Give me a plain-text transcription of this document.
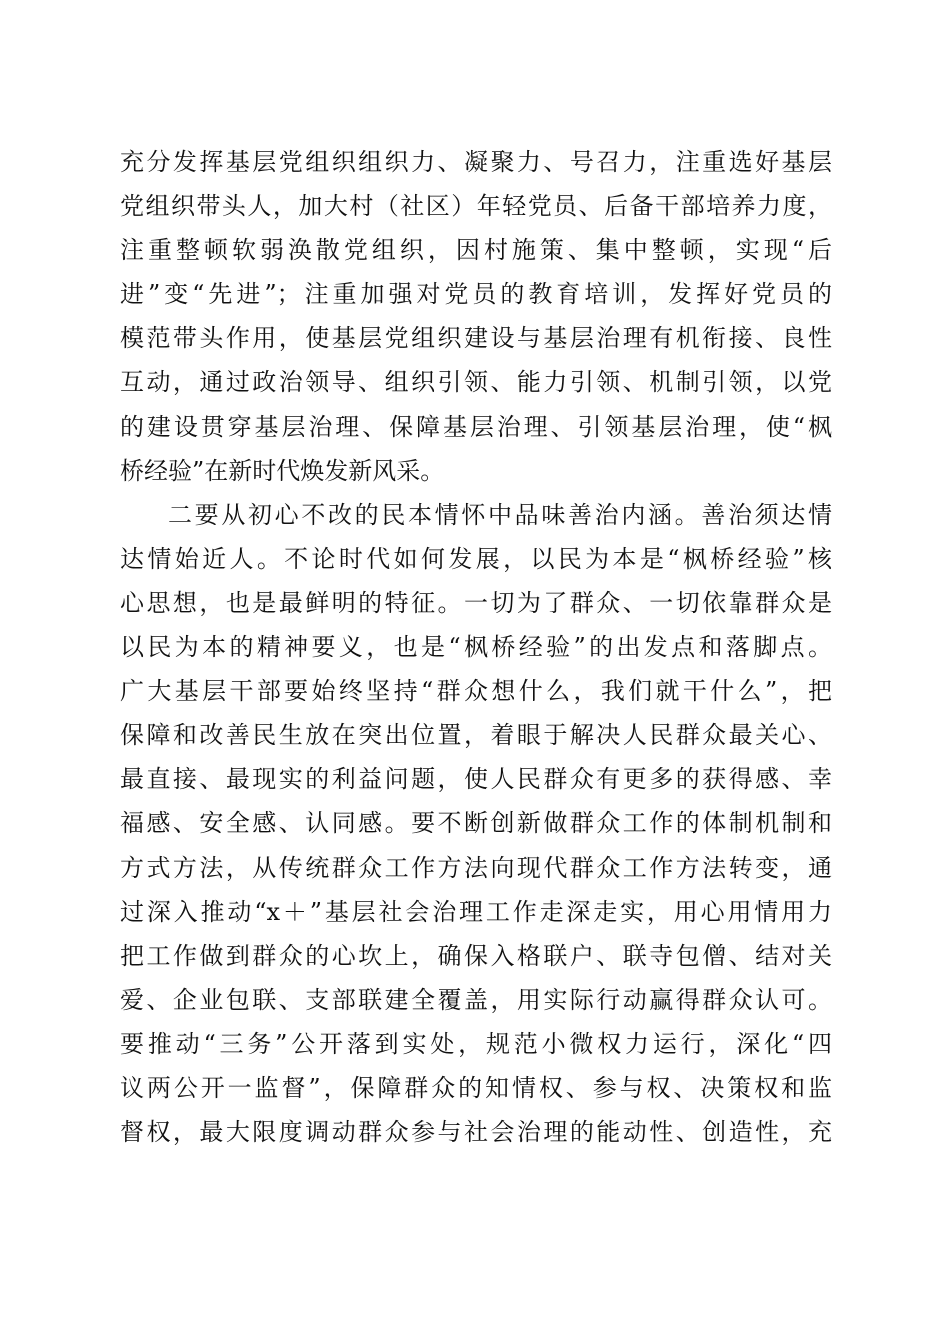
充分发挥基层党组织组织力、凝聚力、号召力，注重选好基层
党组织带头人，加大村（社区）年轻党员、后备干部培养力度，
注重整顿软弱涣散党组织，因村施策、集中整顿，实现“后
进”变“先进”；注重加强对党员的教育培训，发挥好党员的
模范带头作用，使基层党组织建设与基层治理有机衔接、良性
互动，通过政治领导、组织引领、能力引领、机制引领，以党
的建设贯穿基层治理、保障基层治理、引领基层治理，使“枫
桥经验”在新时代焕发新风采。
二要从初心不改的民本情怀中品味善治内涵。善治须达情
达情始近人。不论时代如何发展，以民为本是“枫桥经验”核
心思想，也是最鲜明的特征。一切为了群众、一切依靠群众是
以民为本的精神要义，也是“枫桥经验”的出发点和落脚点。
广大基层干部要始终坚持“群众想什么，我们就干什么”，把
保障和改善民生放在突出位置，着眼于解决人民群众最关心、
最直接、最现实的利益问题，使人民群众有更多的获得感、幸
福感、安全感、认同感。要不断创新做群众工作的体制机制和
方式方法，从传统群众工作方法向现代群众工作方法转变，通
过深入推动“x＋”基层社会治理工作走深走实，用心用情用力
把工作做到群众的心坎上，确保入格联户、联寺包僧、结对关
爱、企业包联、支部联建全覆盖，用实际行动赢得群众认可。
要推动“三务”公开落到实处，规范小微权力运行，深化“四
议两公开一监督”，保障群众的知情权、参与权、决策权和监
督权，最大限度调动群众参与社会治理的能动性、创造性，充
